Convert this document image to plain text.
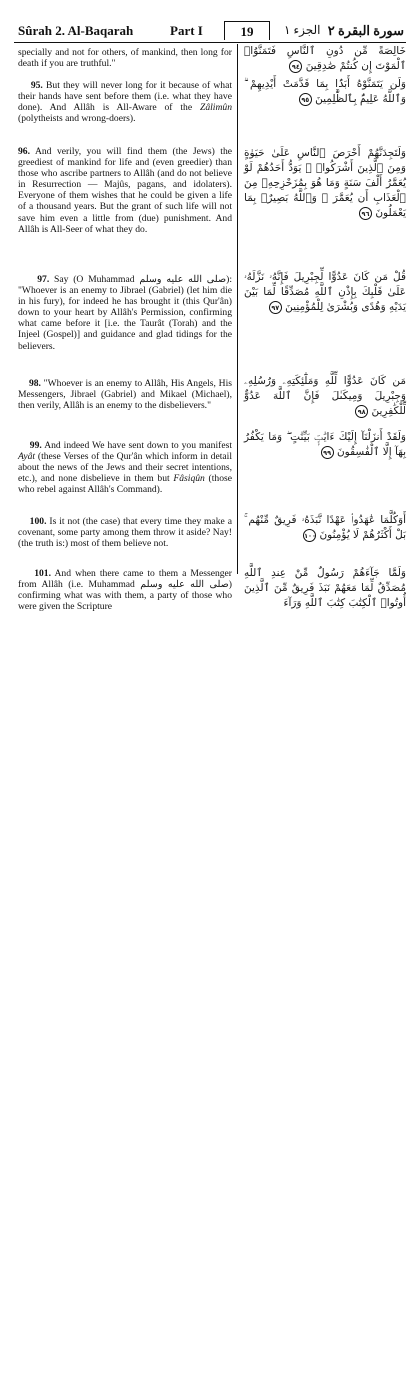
Sûrah 2. Al-Baqarah	Part I	19	الجزء ١ سورة البقرة ٢
specially and not for others, of mankind, then long for death if you are truthful."
95. But they will never long for it because of what their hands have sent before them (i.e. what they have done). And Allâh is All-Aware of the Zâlimûn (polytheists and wrong-doers).
96. And verily, you will find them (the Jews) the greediest of mankind for life and (even greedier) than those who ascribe partners to Allâh (and do not believe in Resurrection — Majûs, pagans, and idolaters). Everyone of them wishes that he could be given a life of a thousand years. But the grant of such life will not save him even a little from (due) punishment. And Allâh is All-Seer of what they do.
97. Say (O Muhammad صلى الله عليه وسلم): "Whoever is an enemy to Jibrael (Gabriel) (let him die in his fury), for indeed he has brought it (this Qur'ân) down to your heart by Allâh's Permission, confirming what came before it [i.e. the Taurât (Torah) and the Injeel (Gospel)] and guidance and glad tidings for the believers.
98. "Whoever is an enemy to Allâh, His Angels, His Messengers, Jibrael (Gabriel) and Mikael (Michael), then verily, Allâh is an enemy to the disbelievers."
99. And indeed We have sent down to you manifest Ayât (these Verses of the Qur'ân which inform in detail about the news of the Jews and their secret intentions, etc.), and none disbelieve in them but Fâsiqûn (those who rebel against Allâh's Command).
100. Is it not (the case) that every time they make a covenant, some party among them throw it aside? Nay! (the truth is:) most of them believe not.
101. And when there came to them a Messenger from Allâh (i.e. Muhammad صلى الله عليه وسلم) confirming what was with them, a party of those who were given the Scripture
خَالِصَةً مِّن دُونِ ٱلنَّاسِ فَتَمَنَّوُا۟ ٱلْمَوْتَ إِن كُنتُمْ صَٰدِقِينَ ٩٤
وَلَن يَتَمَنَّوْهُ أَبَدًۢا بِمَا قَدَّمَتْ أَيْدِيهِمْ ۗ وَٱللَّهُ عَلِيمٌۢ بِٱلظَّٰلِمِينَ ٩٥
وَلَتَجِدَنَّهُمْ أَحْرَصَ ٱلنَّاسِ عَلَىٰ حَيَوٰةٍ وَمِنَ ٱلَّذِينَ أَشْرَكُوا۟ ۚ يَوَدُّ أَحَدُهُمْ لَوْ يُعَمَّرُ أَلْفَ سَنَةٍ وَمَا هُوَ بِمُزَحْزِحِهِۦ مِنَ ٱلْعَذَابِ أَن يُعَمَّرَ ۗ وَٱللَّهُ بَصِيرٌۢ بِمَا يَعْمَلُونَ ٩٦
قُلْ مَن كَانَ عَدُوًّا لِّجِبْرِيلَ فَإِنَّهُۥ نَزَّلَهُۥ عَلَىٰ قَلْبِكَ بِإِذْنِ ٱللَّهِ مُصَدِّقًا لِّمَا بَيْنَ يَدَيْهِ وَهُدًى وَبُشْرَىٰ لِلْمُؤْمِنِينَ ٩٧
مَن كَانَ عَدُوًّا لِّلَّهِ وَمَلَٰٓئِكَتِهِۦ وَرُسُلِهِۦ وَجِبْرِيلَ وَمِيكَىٰلَ فَإِنَّ ٱللَّهَ عَدُوٌّ لِّلْكَٰفِرِينَ ٩٨
وَلَقَدْ أَنزَلْنَآ إِلَيْكَ ءَايَٰتٍۭ بَيِّنَٰتٍ ۖ وَمَا يَكْفُرُ بِهَآ إِلَّا ٱلْفَٰسِقُونَ ٩٩
أَوَكُلَّمَا عَٰهَدُوا۟ عَهْدًا نَّبَذَهُۥ فَرِيقٌ مِّنْهُم ۚ بَلْ أَكْثَرُهُمْ لَا يُؤْمِنُونَ ١٠٠
وَلَمَّا جَآءَهُمْ رَسُولٌ مِّنْ عِندِ ٱللَّهِ مُصَدِّقٌ لِّمَا مَعَهُمْ نَبَذَ فَرِيقٌ مِّنَ ٱلَّذِينَ أُوتُوا۟ ٱلْكِتَٰبَ كِتَٰبَ ٱللَّهِ وَرَآءَ
